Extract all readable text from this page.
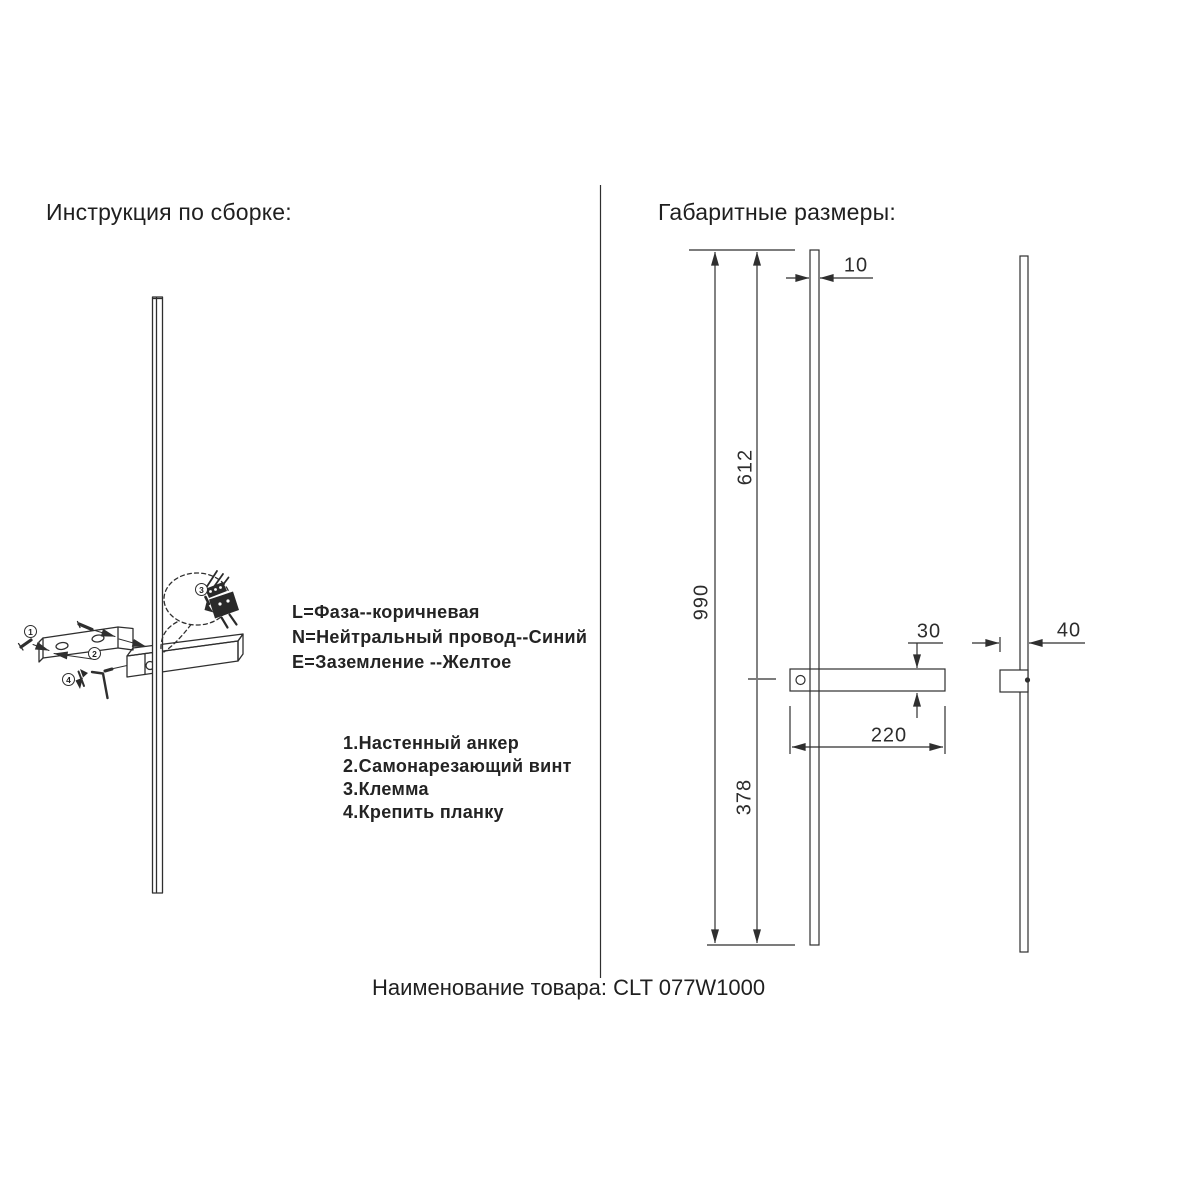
Инструкция по сборке:	Габаритные размеры:
1
2
3
4
L=Фаза--коричневая
N=Нейтральный провод--Синий
E=Заземление --Желтое
1.Настенный анкер
2.Самонарезающий винт
3.Клемма
4.Крепить планку
990
612
378
10
30
220
40
Наименование товара: CLT 077W1000
